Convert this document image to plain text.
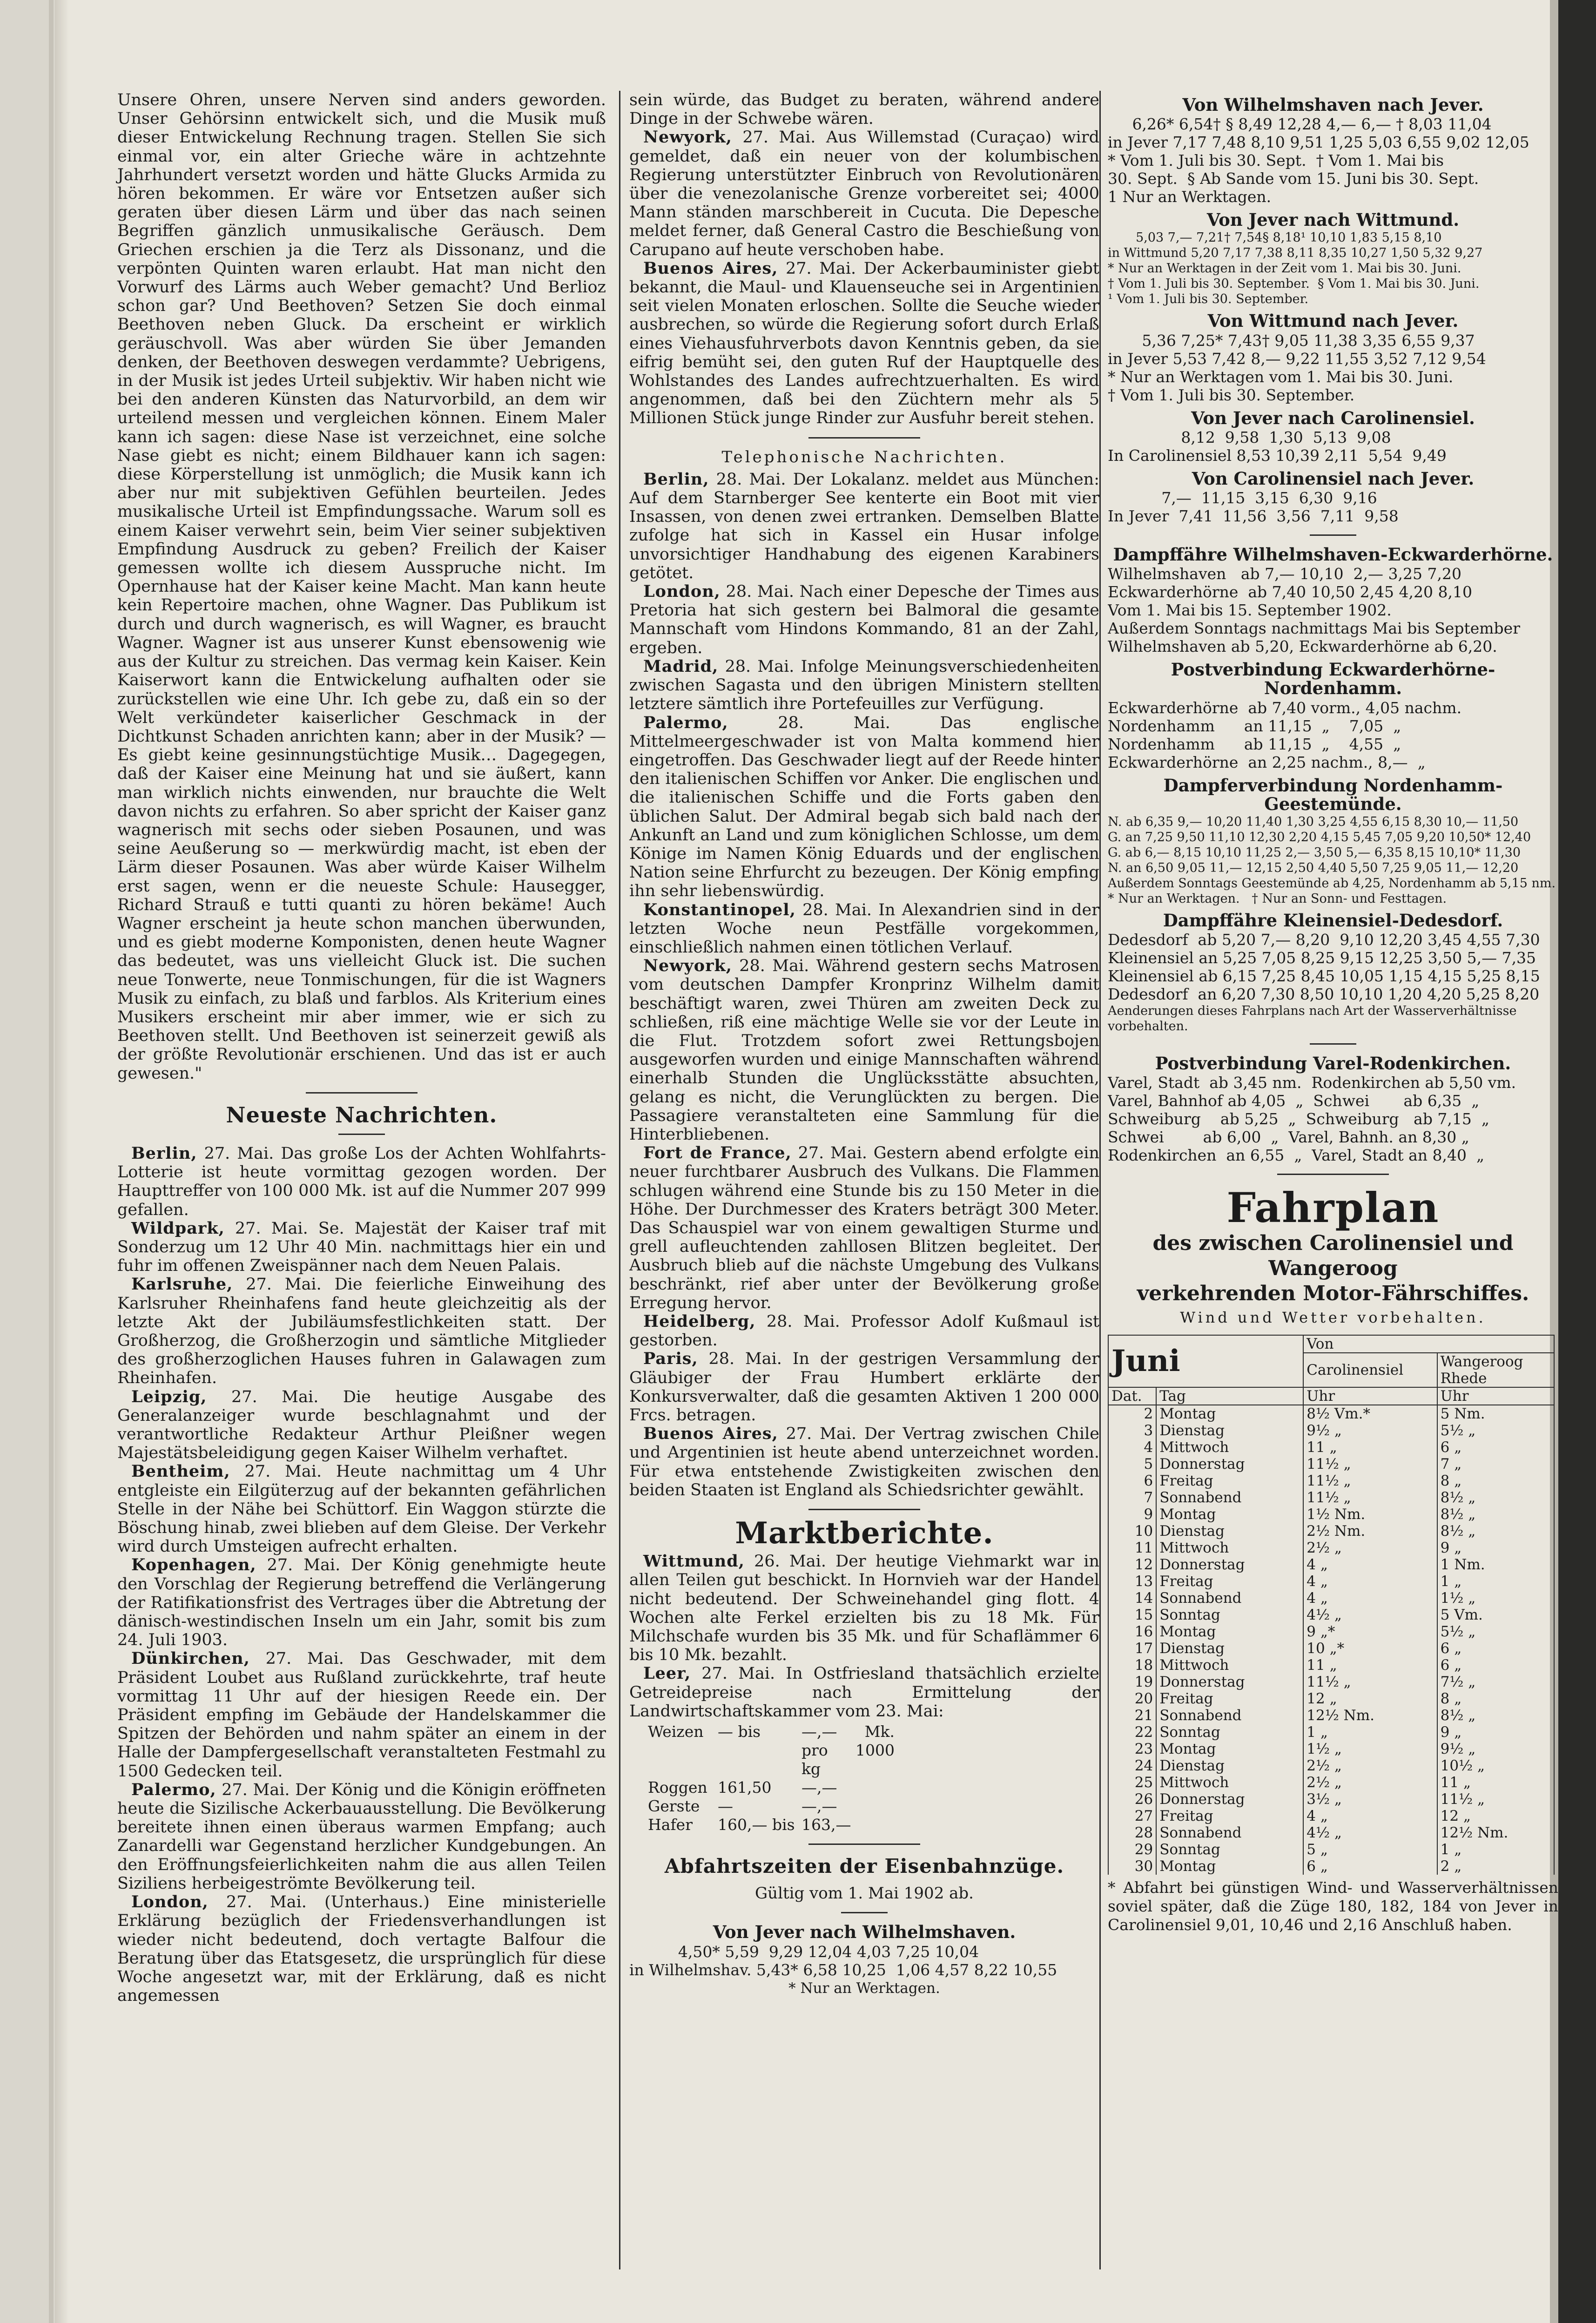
Unsere Ohren, unsere Nerven sind anders geworden. Unser Gehörsinn entwickelt sich, und die Musik muß dieser Entwickelung Rechnung tragen. Stellen Sie sich einmal vor, ein alter Grieche wäre in achtzehnte Jahrhundert versetzt worden und hätte Glucks Armida zu hören bekommen. Er wäre vor Entsetzen außer sich geraten über diesen Lärm und über das nach seinen Begriffen gänzlich unmusikalische Geräusch. Dem Griechen erschien ja die Terz als Dissonanz, und die verpönten Quinten waren erlaubt. Hat man nicht den Vorwurf des Lärms auch Weber gemacht? Und Berlioz schon gar? Und Beethoven? Setzen Sie doch einmal Beethoven neben Gluck. Da erscheint er wirklich geräuschvoll. Was aber würden Sie über Jemanden denken, der Beethoven deswegen verdammte? Uebrigens, in der Musik ist jedes Urteil subjektiv. Wir haben nicht wie bei den anderen Künsten das Naturvorbild, an dem wir urteilend messen und vergleichen können. Einem Maler kann ich sagen: diese Nase ist verzeichnet, eine solche Nase giebt es nicht; einem Bildhauer kann ich sagen: diese Körperstellung ist unmöglich; die Musik kann ich aber nur mit subjektiven Gefühlen beurteilen. Jedes musikalische Urteil ist Empfindungssache. Warum soll es einem Kaiser verwehrt sein, beim Vier seiner subjektiven Empfindung Ausdruck zu geben? Freilich der Kaiser gemessen wollte ich diesem Ausspruche nicht. Im Opernhause hat der Kaiser keine Macht. Man kann heute kein Repertoire machen, ohne Wagner. Das Publikum ist durch und durch wagnerisch, es will Wagner, es braucht Wagner. Wagner ist aus unserer Kunst ebensowenig wie aus der Kultur zu streichen. Das vermag kein Kaiser. Kein Kaiserwort kann die Entwickelung aufhalten oder sie zurückstellen wie eine Uhr. Ich gebe zu, daß ein so der Welt verkündeter kaiserlicher Geschmack in der Dichtkunst Schaden anrichten kann; aber in der Musik? — Es giebt keine gesinnungstüchtige Musik… Dagegegen, daß der Kaiser eine Meinung hat und sie äußert, kann man wirklich nichts einwenden, nur brauchte die Welt davon nichts zu erfahren. So aber spricht der Kaiser ganz wagnerisch mit sechs oder sieben Posaunen, und was seine Aeußerung so — merkwürdig macht, ist eben der Lärm dieser Posaunen. Was aber würde Kaiser Wilhelm erst sagen, wenn er die neueste Schule: Hausegger, Richard Strauß e tutti quanti zu hören bekäme! Auch Wagner erscheint ja heute schon manchen überwunden, und es giebt moderne Komponisten, denen heute Wagner das bedeutet, was uns vielleicht Gluck ist. Die suchen neue Tonwerte, neue Tonmischungen, für die ist Wagners Musik zu einfach, zu blaß und farblos. Als Kriterium eines Musikers erscheint mir aber immer, wie er sich zu Beethoven stellt. Und Beethoven ist seinerzeit gewiß als der größte Revolutionär erschienen. Und das ist er auch gewesen."

Neueste Nachrichten.

Berlin, 27. Mai. Das große Los der Achten Wohlfahrts-Lotterie ist heute vormittag gezogen worden. Der Haupttreffer von 100 000 Mk. ist auf die Nummer 207 999 gefallen.

Wildpark, 27. Mai. Se. Majestät der Kaiser traf mit Sonderzug um 12 Uhr 40 Min. nachmittags hier ein und fuhr im offenen Zweispänner nach dem Neuen Palais.

Karlsruhe, 27. Mai. Die feierliche Einweihung des Karlsruher Rheinhafens fand heute gleichzeitig als der letzte Akt der Jubiläumsfestlichkeiten statt. Der Großherzog, die Großherzogin und sämtliche Mitglieder des großherzoglichen Hauses fuhren in Galawagen zum Rheinhafen.

Leipzig, 27. Mai. Die heutige Ausgabe des Generalanzeiger wurde beschlagnahmt und der verantwortliche Redakteur Arthur Pleißner wegen Majestätsbeleidigung gegen Kaiser Wilhelm verhaftet.

Bentheim, 27. Mai. Heute nachmittag um 4 Uhr entgleiste ein Eilgüterzug auf der bekannten gefährlichen Stelle in der Nähe bei Schüttorf. Ein Waggon stürzte die Böschung hinab, zwei blieben auf dem Gleise. Der Verkehr wird durch Umsteigen aufrecht erhalten.

Kopenhagen, 27. Mai. Der König genehmigte heute den Vorschlag der Regierung betreffend die Verlängerung der Ratifikationsfrist des Vertrages über die Abtretung der dänisch-westindischen Inseln um ein Jahr, somit bis zum 24. Juli 1903.

Dünkirchen, 27. Mai. Das Geschwader, mit dem Präsident Loubet aus Rußland zurückkehrte, traf heute vormittag 11 Uhr auf der hiesigen Reede ein. Der Präsident empfing im Gebäude der Handelskammer die Spitzen der Behörden und nahm später an einem in der Halle der Dampfergesellschaft veranstalteten Festmahl zu 1500 Gedecken teil.

Palermo, 27. Mai. Der König und die Königin eröffneten heute die Sizilische Ackerbauausstellung. Die Bevölkerung bereitete ihnen einen überaus warmen Empfang; auch Zanardelli war Gegenstand herzlicher Kundgebungen. An den Eröffnungsfeierlichkeiten nahm die aus allen Teilen Siziliens herbeigeströmte Bevölkerung teil.

London, 27. Mai. (Unterhaus.) Eine ministerielle Erklärung bezüglich der Friedensverhandlungen ist wieder nicht bedeutend, doch vertagte Balfour die Beratung über das Etatsgesetz, die ursprünglich für diese Woche angesetzt war, mit der Erklärung, daß es nicht angemessen

sein würde, das Budget zu beraten, während andere Dinge in der Schwebe wären.

Newyork, 27. Mai. Aus Willemstad (Curaçao) wird gemeldet, daß ein neuer von der kolumbischen Regierung unterstützter Einbruch von Revolutionären über die venezolanische Grenze vorbereitet sei; 4000 Mann ständen marschbereit in Cucuta. Die Depesche meldet ferner, daß General Castro die Beschießung von Carupano auf heute verschoben habe.

Buenos Aires, 27. Mai. Der Ackerbauminister giebt bekannt, die Maul- und Klauenseuche sei in Argentinien seit vielen Monaten erloschen. Sollte die Seuche wieder ausbrechen, so würde die Regierung sofort durch Erlaß eines Viehausfuhrverbots davon Kenntnis geben, da sie eifrig bemüht sei, den guten Ruf der Hauptquelle des Wohlstandes des Landes aufrechtzuerhalten. Es wird angenommen, daß bei den Züchtern mehr als 5 Millionen Stück junge Rinder zur Ausfuhr bereit stehen.

Telephonische Nachrichten.

Berlin, 28. Mai. Der Lokalanz. meldet aus München: Auf dem Starnberger See kenterte ein Boot mit vier Insassen, von denen zwei ertranken. Demselben Blatte zufolge hat sich in Kassel ein Husar infolge unvorsichtiger Handhabung des eigenen Karabiners getötet.

London, 28. Mai. Nach einer Depesche der Times aus Pretoria hat sich gestern bei Balmoral die gesamte Mannschaft vom Hindons Kommando, 81 an der Zahl, ergeben.

Madrid, 28. Mai. Infolge Meinungsverschiedenheiten zwischen Sagasta und den übrigen Ministern stellten letztere sämtlich ihre Portefeuilles zur Verfügung.

Palermo, 28. Mai. Das englische Mittelmeergeschwader ist von Malta kommend hier eingetroffen. Das Geschwader liegt auf der Reede hinter den italienischen Schiffen vor Anker. Die englischen und die italienischen Schiffe und die Forts gaben den üblichen Salut. Der Admiral begab sich bald nach der Ankunft an Land und zum königlichen Schlosse, um dem Könige im Namen König Eduards und der englischen Nation seine Ehrfurcht zu bezeugen. Der König empfing ihn sehr liebenswürdig.

Konstantinopel, 28. Mai. In Alexandrien sind in der letzten Woche neun Pestfälle vorgekommen, einschließlich nahmen einen tötlichen Verlauf.

Newyork, 28. Mai. Während gestern sechs Matrosen vom deutschen Dampfer Kronprinz Wilhelm damit beschäftigt waren, zwei Thüren am zweiten Deck zu schließen, riß eine mächtige Welle sie vor der Leute in die Flut. Trotzdem sofort zwei Rettungsbojen ausgeworfen wurden und einige Mannschaften während einerhalb Stunden die Unglücksstätte absuchten, gelang es nicht, die Verunglückten zu bergen. Die Passagiere veranstalteten eine Sammlung für die Hinterbliebenen.

Fort de France, 27. Mai. Gestern abend erfolgte ein neuer furchtbarer Ausbruch des Vulkans. Die Flammen schlugen während eine Stunde bis zu 150 Meter in die Höhe. Der Durchmesser des Kraters beträgt 300 Meter. Das Schauspiel war von einem gewaltigen Sturme und grell aufleuchtenden zahllosen Blitzen begleitet. Der Ausbruch blieb auf die nächste Umgebung des Vulkans beschränkt, rief aber unter der Bevölkerung große Erregung hervor.

Heidelberg, 28. Mai. Professor Adolf Kußmaul ist gestorben.

Paris, 28. Mai. In der gestrigen Versammlung der Gläubiger der Frau Humbert erklärte der Konkursverwalter, daß die gesamten Aktiven 1 200 000 Frcs. betragen.

Buenos Aires, 27. Mai. Der Vertrag zwischen Chile und Argentinien ist heute abend unterzeichnet worden. Für etwa entstehende Zwistigkeiten zwischen den beiden Staaten ist England als Schiedsrichter gewählt.

Marktberichte.

Wittmund, 26. Mai. Der heutige Viehmarkt war in allen Teilen gut beschickt. In Hornvieh war der Handel nicht bedeutend. Der Schweinehandel ging flott. 4 Wochen alte Ferkel erzielten bis zu 18 Mk. Für Milchschafe wurden bis 35 Mk. und für Schaflämmer 6 bis 10 Mk. bezahlt.

Leer, 27. Mai. In Ostfriesland thatsächlich erzielte Getreidepreise nach Ermittelung der Landwirtschaftskammer vom 23. Mai:

Weizen — bis	—,— Mk. pro 1000 kg
Roggen 161,50	—,—
Gerste	—	—,—
Hafer	160,— bis 163,—
Abfahrtszeiten der Eisenbahnzüge.
Gültig vom 1. Mai 1902 ab.
Von Jever nach Wilhelmshaven.
4,50* 5,59  9,29 12,04 4,03 7,25 10,04
in Wilhelmshav. 5,43* 6,58 10,25  1,06 4,57 8,22 10,55
* Nur an Werktagen.
Von Wilhelmshaven nach Jever.
6,26* 6,54† § 8,49 12,28 4,— 6,— † 8,03 11,04
in Jever 7,17 7,48 8,10 9,51 1,25 5,03 6,55 9,02 12,05
* Vom 1. Juli bis 30. Sept.  † Vom 1. Mai bis
30. Sept.  § Ab Sande vom 15. Juni bis 30. Sept.
1 Nur an Werktagen.
Von Jever nach Wittmund.
5,03 7,— 7,21† 7,54§ 8,18¹ 10,10 1,83 5,15 8,10
in Wittmund 5,20 7,17 7,38 8,11 8,35 10,27 1,50 5,32 9,27
* Nur an Werktagen in der Zeit vom 1. Mai bis 30. Juni.
† Vom 1. Juli bis 30. September.  § Vom 1. Mai bis 30. Juni.
¹ Vom 1. Juli bis 30. September.
Von Wittmund nach Jever.
5,36 7,25* 7,43† 9,05 11,38 3,35 6,55 9,37
in Jever 5,53 7,42 8,— 9,22 11,55 3,52 7,12 9,54
* Nur an Werktagen vom 1. Mai bis 30. Juni.
† Vom 1. Juli bis 30. September.
Von Jever nach Carolinensiel.
8,12  9,58  1,30  5,13  9,08
In Carolinensiel 8,53 10,39 2,11  5,54  9,49
Von Carolinensiel nach Jever.
7,—  11,15  3,15  6,30  9,16
In Jever  7,41  11,56  3,56  7,11  9,58
Dampffähre Wilhelmshaven-Eckwarderhörne.
Wilhelmshaven   ab 7,— 10,10  2,— 3,25 7,20
Eckwarderhörne  ab 7,40 10,50 2,45 4,20 8,10
Vom 1. Mai bis 15. September 1902.
Außerdem Sonntags nachmittags Mai bis September
Wilhelmshaven ab 5,20, Eckwarderhörne ab 6,20.
Postverbindung Eckwarderhörne-Nordenhamm.
Eckwarderhörne  ab 7,40 vorm., 4,05 nachm.
Nordenhamm      an 11,15  „    7,05  „
Nordenhamm      ab 11,15  „    4,55  „
Eckwarderhörne  an 2,25 nachm., 8,—  „
Dampferverbindung Nordenhamm-Geestemünde.
N. ab 6,35 9,— 10,20 11,40 1,30 3,25 4,55 6,15 8,30 10,— 11,50
G. an 7,25 9,50 11,10 12,30 2,20 4,15 5,45 7,05 9,20 10,50* 12,40
G. ab 6,— 8,15 10,10 11,25 2,— 3,50 5,— 6,35 8,15 10,10* 11,30
N. an 6,50 9,05 11,— 12,15 2,50 4,40 5,50 7,25 9,05 11,— 12,20
Außerdem Sonntags Geestemünde ab 4,25, Nordenhamm ab 5,15 nm.
* Nur an Werktagen.   † Nur an Sonn- und Festtagen.
Dampffähre Kleinensiel-Dedesdorf.
Dedesdorf  ab 5,20 7,— 8,20  9,10 12,20 3,45 4,55 7,30
Kleinensiel an 5,25 7,05 8,25 9,15 12,25 3,50 5,— 7,35
Kleinensiel ab 6,15 7,25 8,45 10,05 1,15 4,15 5,25 8,15
Dedesdorf  an 6,20 7,30 8,50 10,10 1,20 4,20 5,25 8,20
Aenderungen dieses Fahrplans nach Art der Wasserverhältnisse
vorbehalten.
Postverbindung Varel-Rodenkirchen.
Varel, Stadt  ab 3,45 nm.  Rodenkirchen ab 5,50 vm.
Varel, Bahnhof ab 4,05  „  Schwei       ab 6,35  „
Schweiburg    ab 5,25  „  Schweiburg   ab 7,15  „
Schwei        ab 6,00  „  Varel, Bahnh. an 8,30 „
Rodenkirchen  an 6,55  „  Varel, Stadt an 8,40  „
Fahrplan
des zwischen Carolinensiel und Wangeroog
verkehrenden Motor-Fährschiffes.
Wind und Wetter vorbehalten.
Juni		Von	
		Carolinensiel	Wangeroog Rhede
Dat.	Tag	Uhr	Uhr
2	Montag	8½ Vm.*	5 Nm.
3	Dienstag	9½ „	5½ „
4	Mittwoch	11 „	6 „
5	Donnerstag	11½ „	7 „
6	Freitag	11½ „	8 „
7	Sonnabend	11½ „	8½ „
9	Montag	1½ Nm.	8½ „
10	Dienstag	2½ Nm.	8½ „
11	Mittwoch	2½ „	9 „
12	Donnerstag	4 „	1 Nm.
13	Freitag	4 „	1 „
14	Sonnabend	4 „	1½ „
15	Sonntag	4½ „	5 Vm.
16	Montag	9 „*	5½ „
17	Dienstag	10 „*	6 „
18	Mittwoch	11 „	6 „
19	Donnerstag	11½ „	7½ „
20	Freitag	12 „	8 „
21	Sonnabend	12½ Nm.	8½ „
22	Sonntag	1 „	9 „
23	Montag	1½ „	9½ „
24	Dienstag	2½ „	10½ „
25	Mittwoch	2½ „	11 „
26	Donnerstag	3½ „	11½ „
27	Freitag	4 „	12 „
28	Sonnabend	4½ „	12½ Nm.
29	Sonntag	5 „	1 „
30	Montag	6 „	2 „
* Abfahrt bei günstigen Wind- und Wasserverhältnissen soviel später, daß die Züge 180, 182, 184 von Jever in Carolinensiel 9,01, 10,46 und 2,16 Anschluß haben.
